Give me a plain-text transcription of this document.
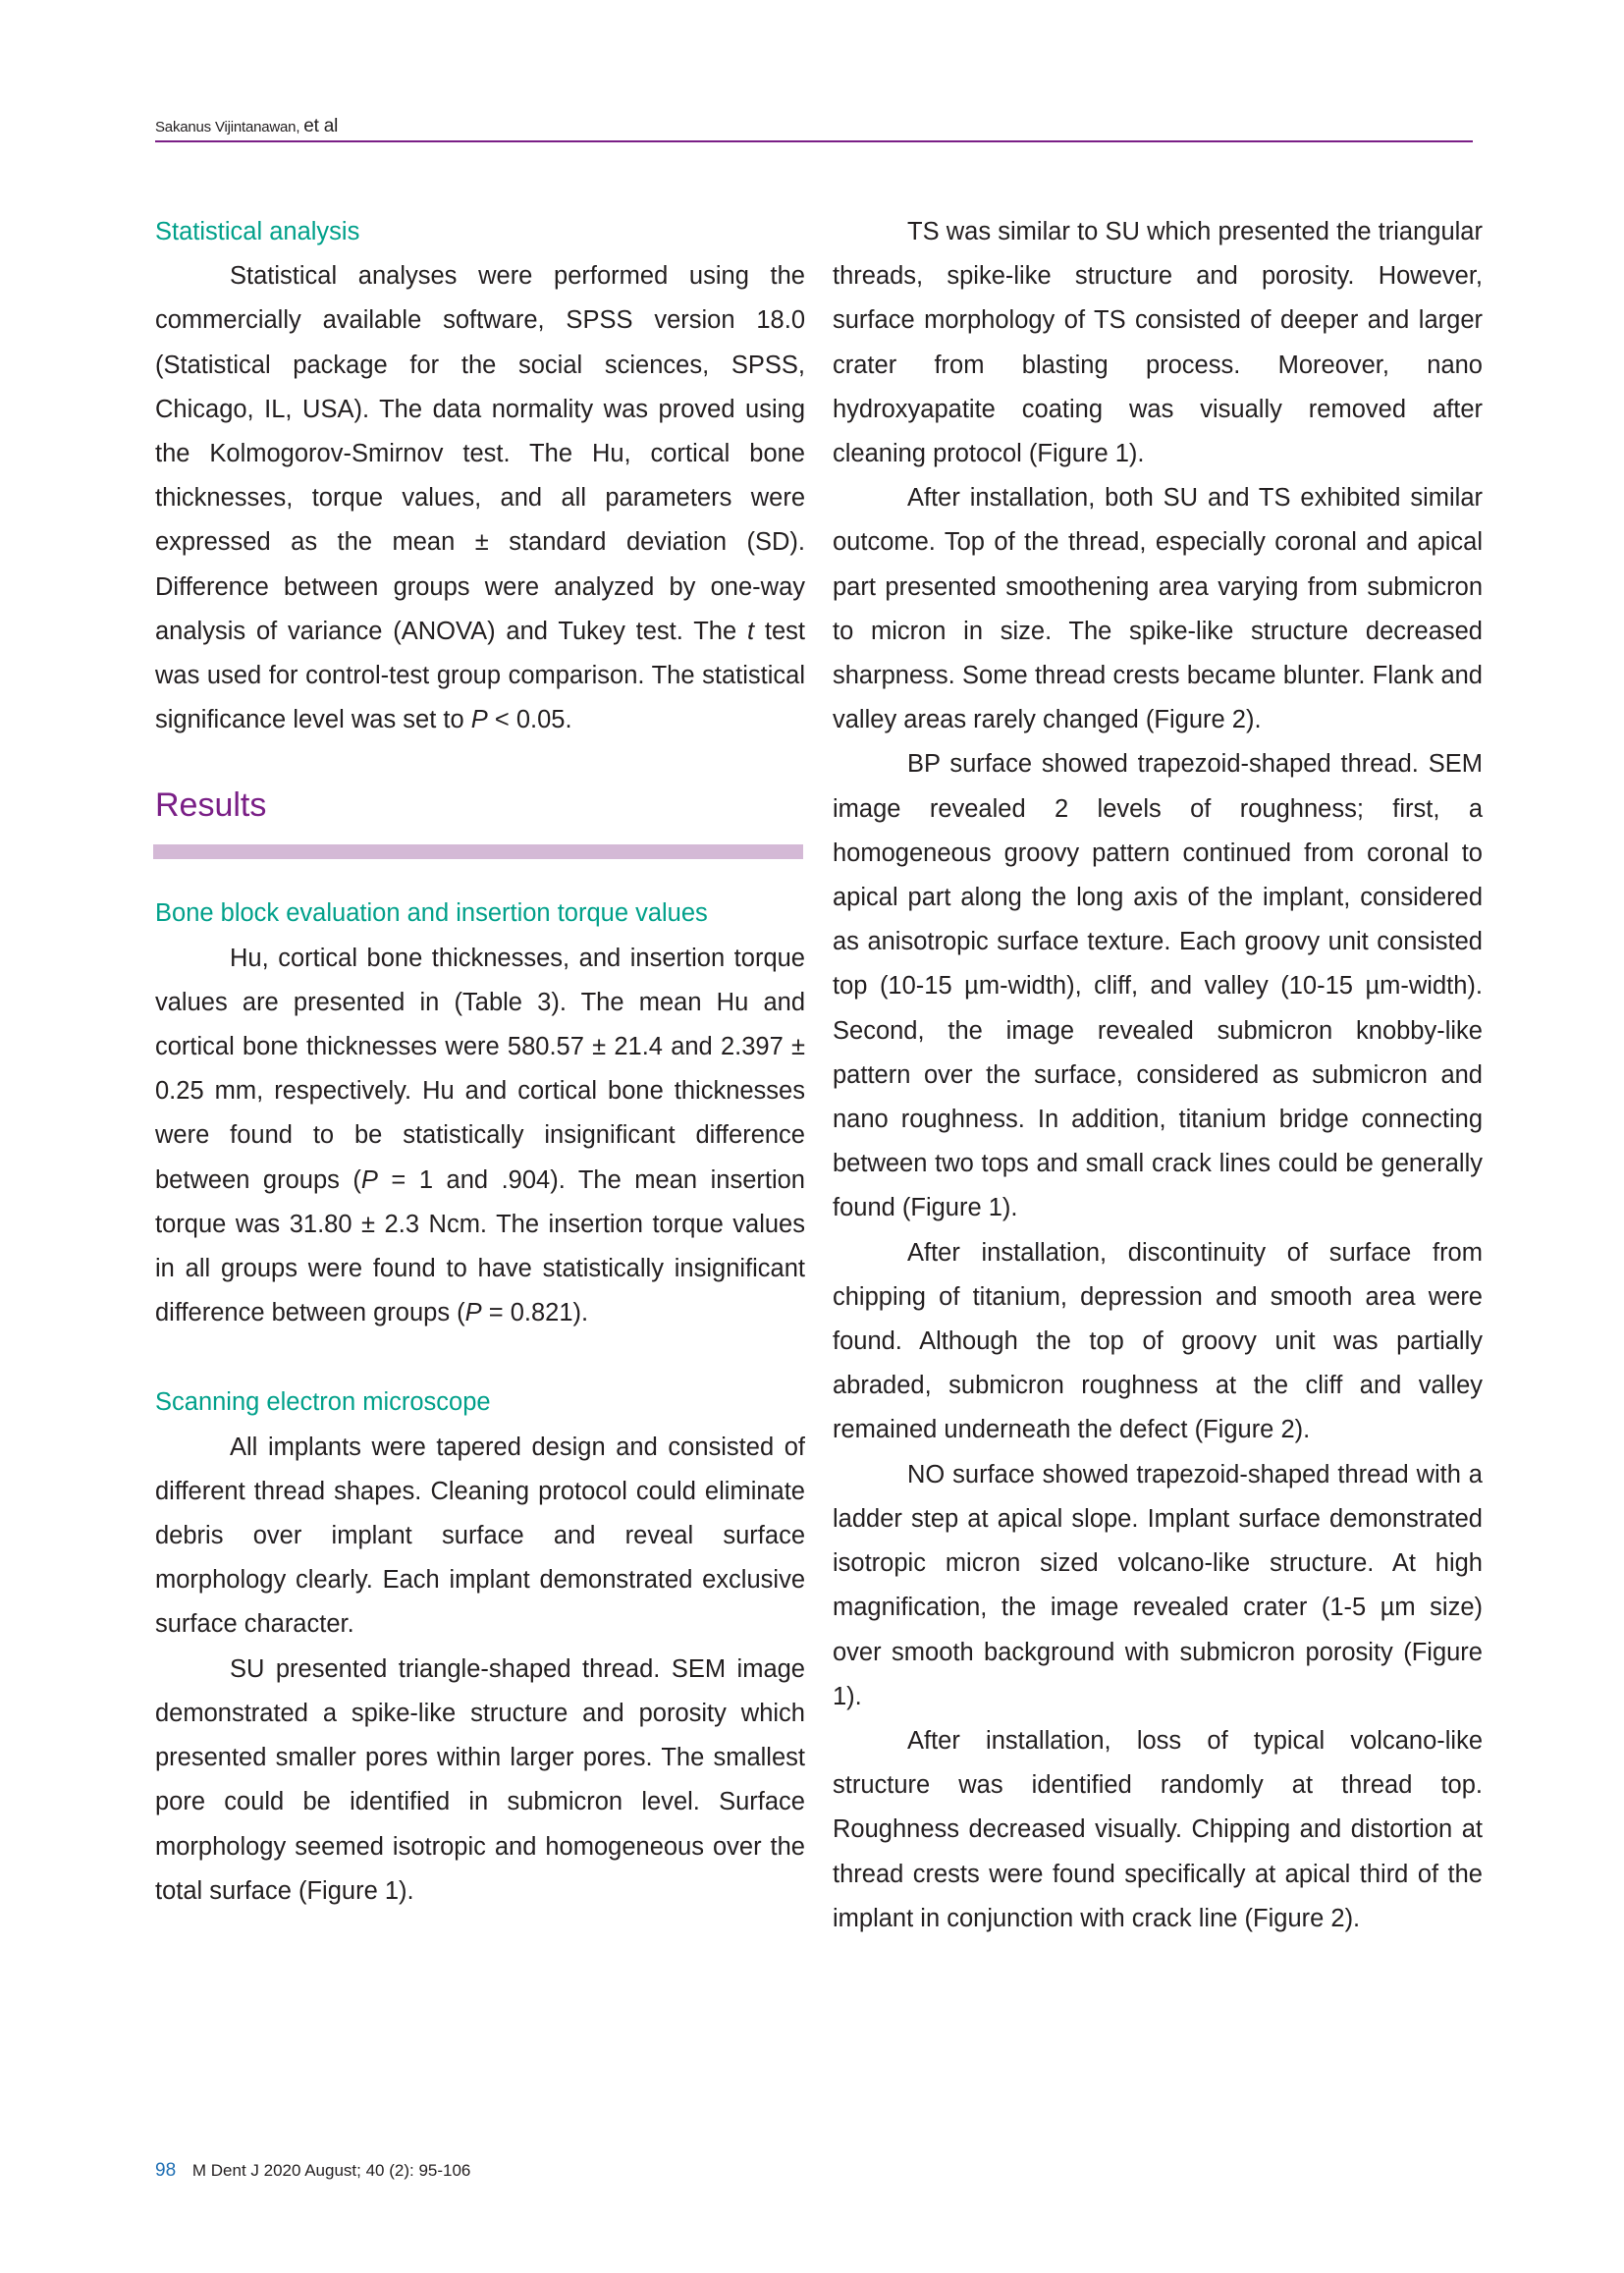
Sakanus Vijintanawan, et al
Statistical analysis

Statistical analyses were performed using the commercially available software, SPSS version 18.0 (Statistical package for the social sciences, SPSS, Chicago, IL, USA). The data normality was proved using the Kolmogorov-Smirnov test. The Hu, cortical bone thicknesses, torque values, and all parameters were expressed as the mean ± standard deviation (SD). Difference between groups were analyzed by one-way analysis of variance (ANOVA) and Tukey test. The t test was used for control-test group comparison. The statistical significance level was set to P < 0.05.

Results
Bone block evaluation and insertion torque values

Hu, cortical bone thicknesses, and insertion torque values are presented in (Table 3). The mean Hu and cortical bone thicknesses were 580.57 ± 21.4 and 2.397 ± 0.25 mm, respectively. Hu and cortical bone thicknesses were found to be statistically insignificant difference between groups (P = 1 and .904). The mean insertion torque was 31.80 ± 2.3 Ncm. The insertion torque values in all groups were found to have statistically insignificant difference between groups (P = 0.821).

Scanning electron microscope

All implants were tapered design and consisted of different thread shapes. Cleaning protocol could eliminate debris over implant surface and reveal surface morphology clearly. Each implant demonstrated exclusive surface character.

SU presented triangle-shaped thread. SEM image demonstrated a spike-like structure and porosity which presented smaller pores within larger pores. The smallest pore could be identified in submicron level. Surface morphology seemed isotropic and homogeneous over the total surface (Figure 1).

TS was similar to SU which presented the triangular threads, spike-like structure and porosity. However, surface morphology of TS consisted of deeper and larger crater from blasting process. Moreover, nano hydroxyapatite coating was visually removed after cleaning protocol (Figure 1).

After installation, both SU and TS exhibited similar outcome. Top of the thread, especially coronal and apical part presented smoothening area varying from submicron to micron in size. The spike-like structure decreased sharpness. Some thread crests became blunter. Flank and valley areas rarely changed (Figure 2).

BP surface showed trapezoid-shaped thread. SEM image revealed 2 levels of roughness; first, a homogeneous groovy pattern continued from coronal to apical part along the long axis of the implant, considered as anisotropic surface texture. Each groovy unit consisted top (10-15 µm-width), cliff, and valley (10-15 µm-width). Second, the image revealed submicron knobby-like pattern over the surface, considered as submicron and nano roughness. In addition, titanium bridge connecting between two tops and small crack lines could be generally found (Figure 1).

After installation, discontinuity of surface from chipping of titanium, depression and smooth area were found. Although the top of groovy unit was partially abraded, submicron roughness at the cliff and valley remained underneath the defect (Figure 2).

NO surface showed trapezoid-shaped thread with a ladder step at apical slope. Implant surface demonstrated isotropic micron sized volcano-like structure. At high magnification, the image revealed crater (1-5 µm size) over smooth background with submicron porosity (Figure 1).

After installation, loss of typical volcano-like structure was identified randomly at thread top. Roughness decreased visually. Chipping and distortion at thread crests were found specifically at apical third of the implant in conjunction with crack line (Figure 2).

98 M Dent J 2020 August; 40 (2): 95-106
